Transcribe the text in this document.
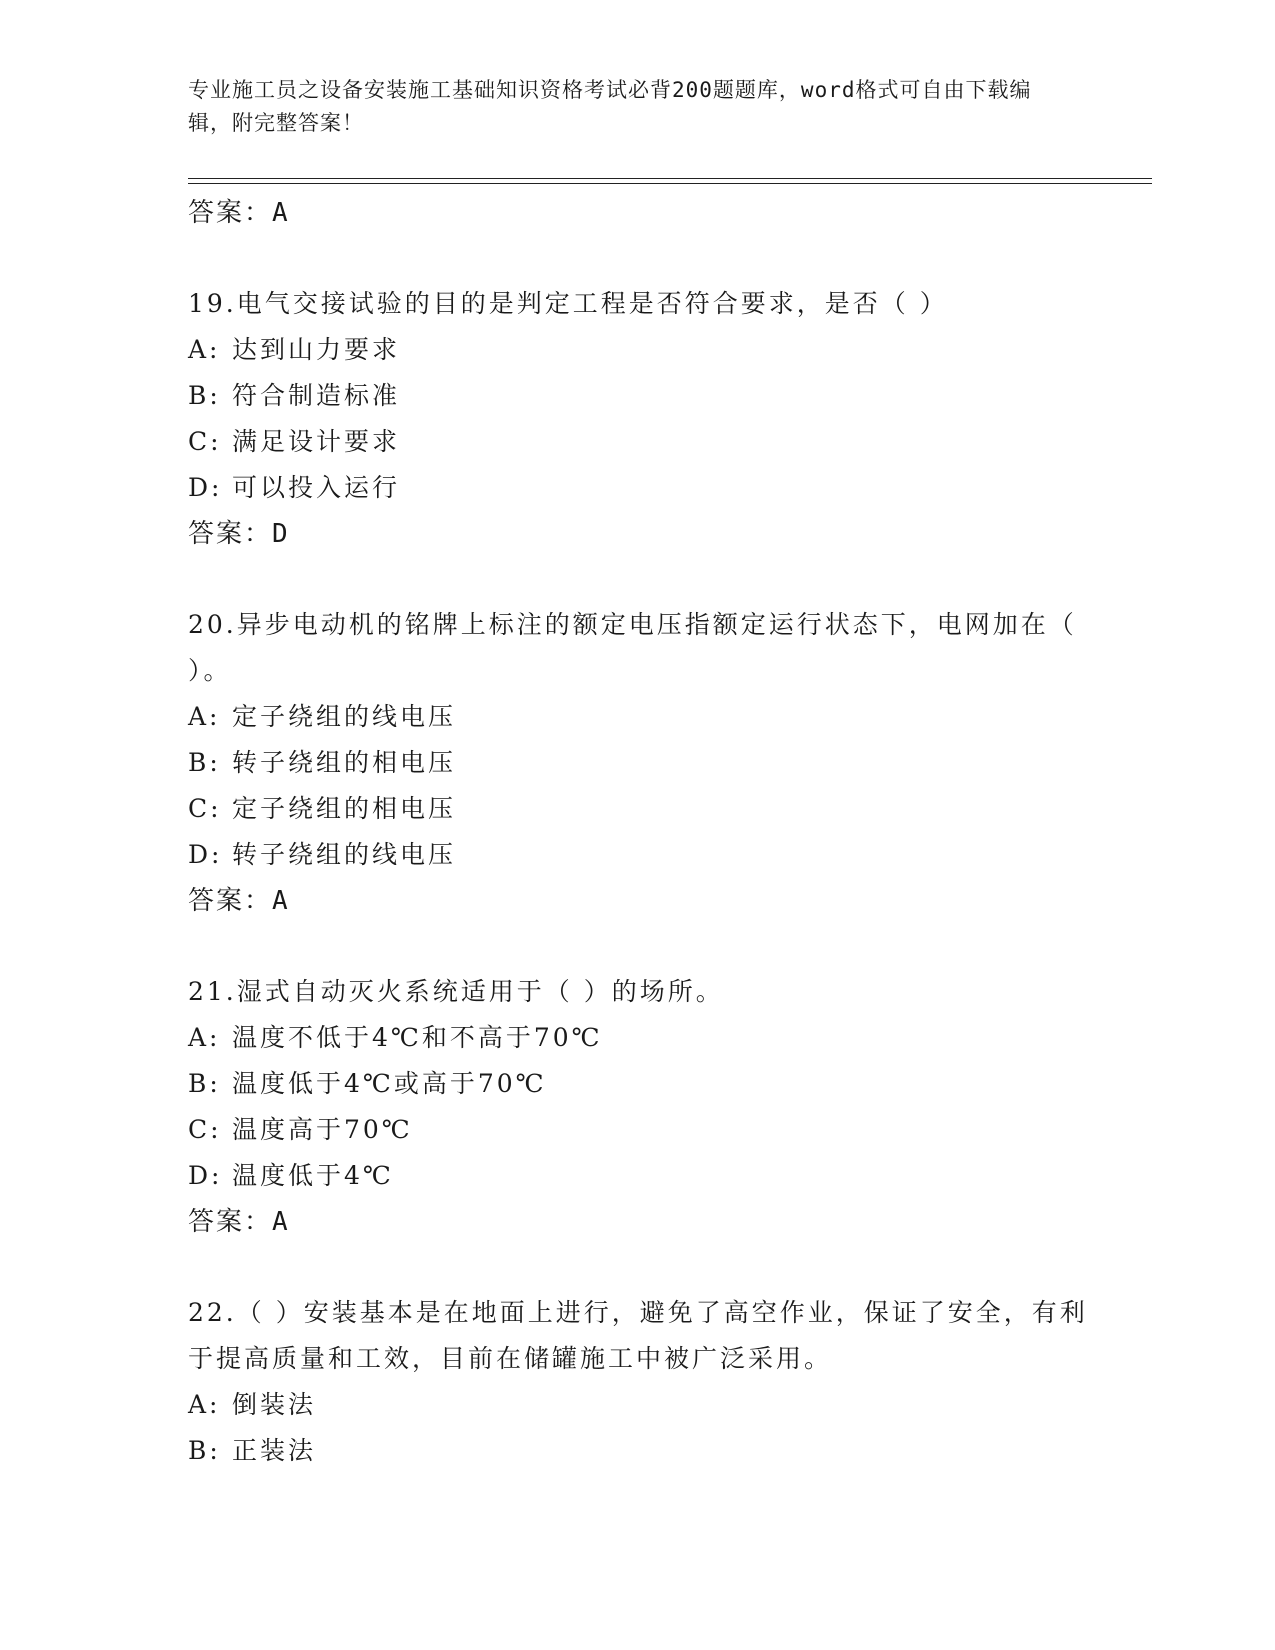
专业施工员之设备安装施工基础知识资格考试必背200题题库，word格式可自由下载编辑，附完整答案！
答案：A

19.电气交接试验的目的是判定工程是否符合要求，是否（ ）

A: 达到山力要求
B: 符合制造标准
C: 满足设计要求
D: 可以投入运行
答案：D

20.异步电动机的铭牌上标注的额定电压指额定运行状态下，电网加在（ ）。

A: 定子绕组的线电压
B: 转子绕组的相电压
C: 定子绕组的相电压
D: 转子绕组的线电压
答案：A

21.湿式自动灭火系统适用于（ ）的场所。

A: 温度不低于4℃和不高于70℃
B: 温度低于4℃或高于70℃
C: 温度高于70℃
D: 温度低于4℃
答案：A

22.（ ）安装基本是在地面上进行，避免了高空作业，保证了安全，有利于提高质量和工效，目前在储罐施工中被广泛采用。

A: 倒装法
B: 正装法
